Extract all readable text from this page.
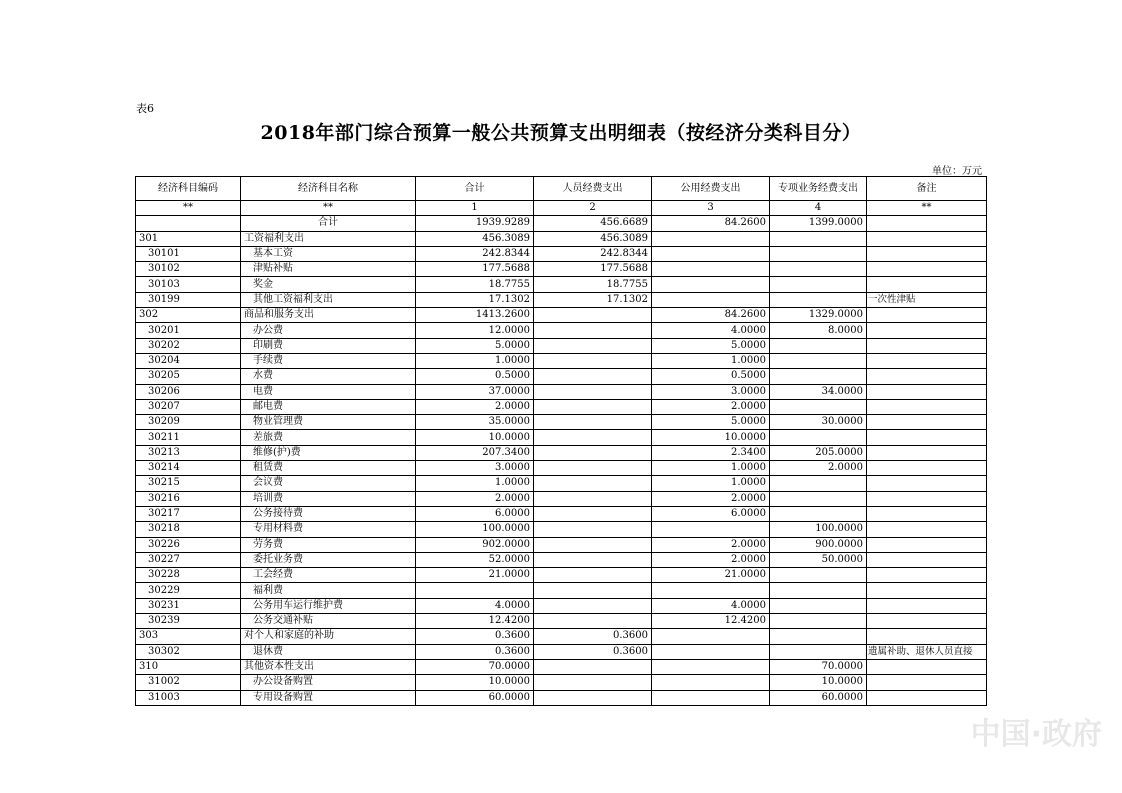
表6
2018年部门综合预算一般公共预算支出明细表（按经济分类科目分）
单位：万元
经济科目编码	经济科目名称	合计	人员经费支出	公用经费支出	专项业务经费支出	备注
**	**	1	2	3	4	**
	合计	1939.9289	456.6689	84.2600	1399.0000	
301	工资福利支出	456.3089	456.3089			
30101	基本工资	242.8344	242.8344			
30102	津贴补贴	177.5688	177.5688			
30103	奖金	18.7755	18.7755			
30199	其他工资福利支出	17.1302	17.1302			一次性津贴
302	商品和服务支出	1413.2600		84.2600	1329.0000	
30201	办公费	12.0000		4.0000	8.0000	
30202	印刷费	5.0000		5.0000		
30204	手续费	1.0000		1.0000		
30205	水费	0.5000		0.5000		
30206	电费	37.0000		3.0000	34.0000	
30207	邮电费	2.0000		2.0000		
30209	物业管理费	35.0000		5.0000	30.0000	
30211	差旅费	10.0000		10.0000		
30213	维修(护)费	207.3400		2.3400	205.0000	
30214	租赁费	3.0000		1.0000	2.0000	
30215	会议费	1.0000		1.0000		
30216	培训费	2.0000		2.0000		
30217	公务接待费	6.0000		6.0000		
30218	专用材料费	100.0000			100.0000	
30226	劳务费	902.0000		2.0000	900.0000	
30227	委托业务费	52.0000		2.0000	50.0000	
30228	工会经费	21.0000		21.0000		
30229	福利费					
30231	公务用车运行维护费	4.0000		4.0000		
30239	公务交通补贴	12.4200		12.4200		
303	对个人和家庭的补助	0.3600	0.3600			
30302	退休费	0.3600	0.3600			遗属补助、退休人员直接
310	其他资本性支出	70.0000			70.0000	
31002	办公设备购置	10.0000			10.0000	
31003	专用设备购置	60.0000			60.0000	
中国·政府
